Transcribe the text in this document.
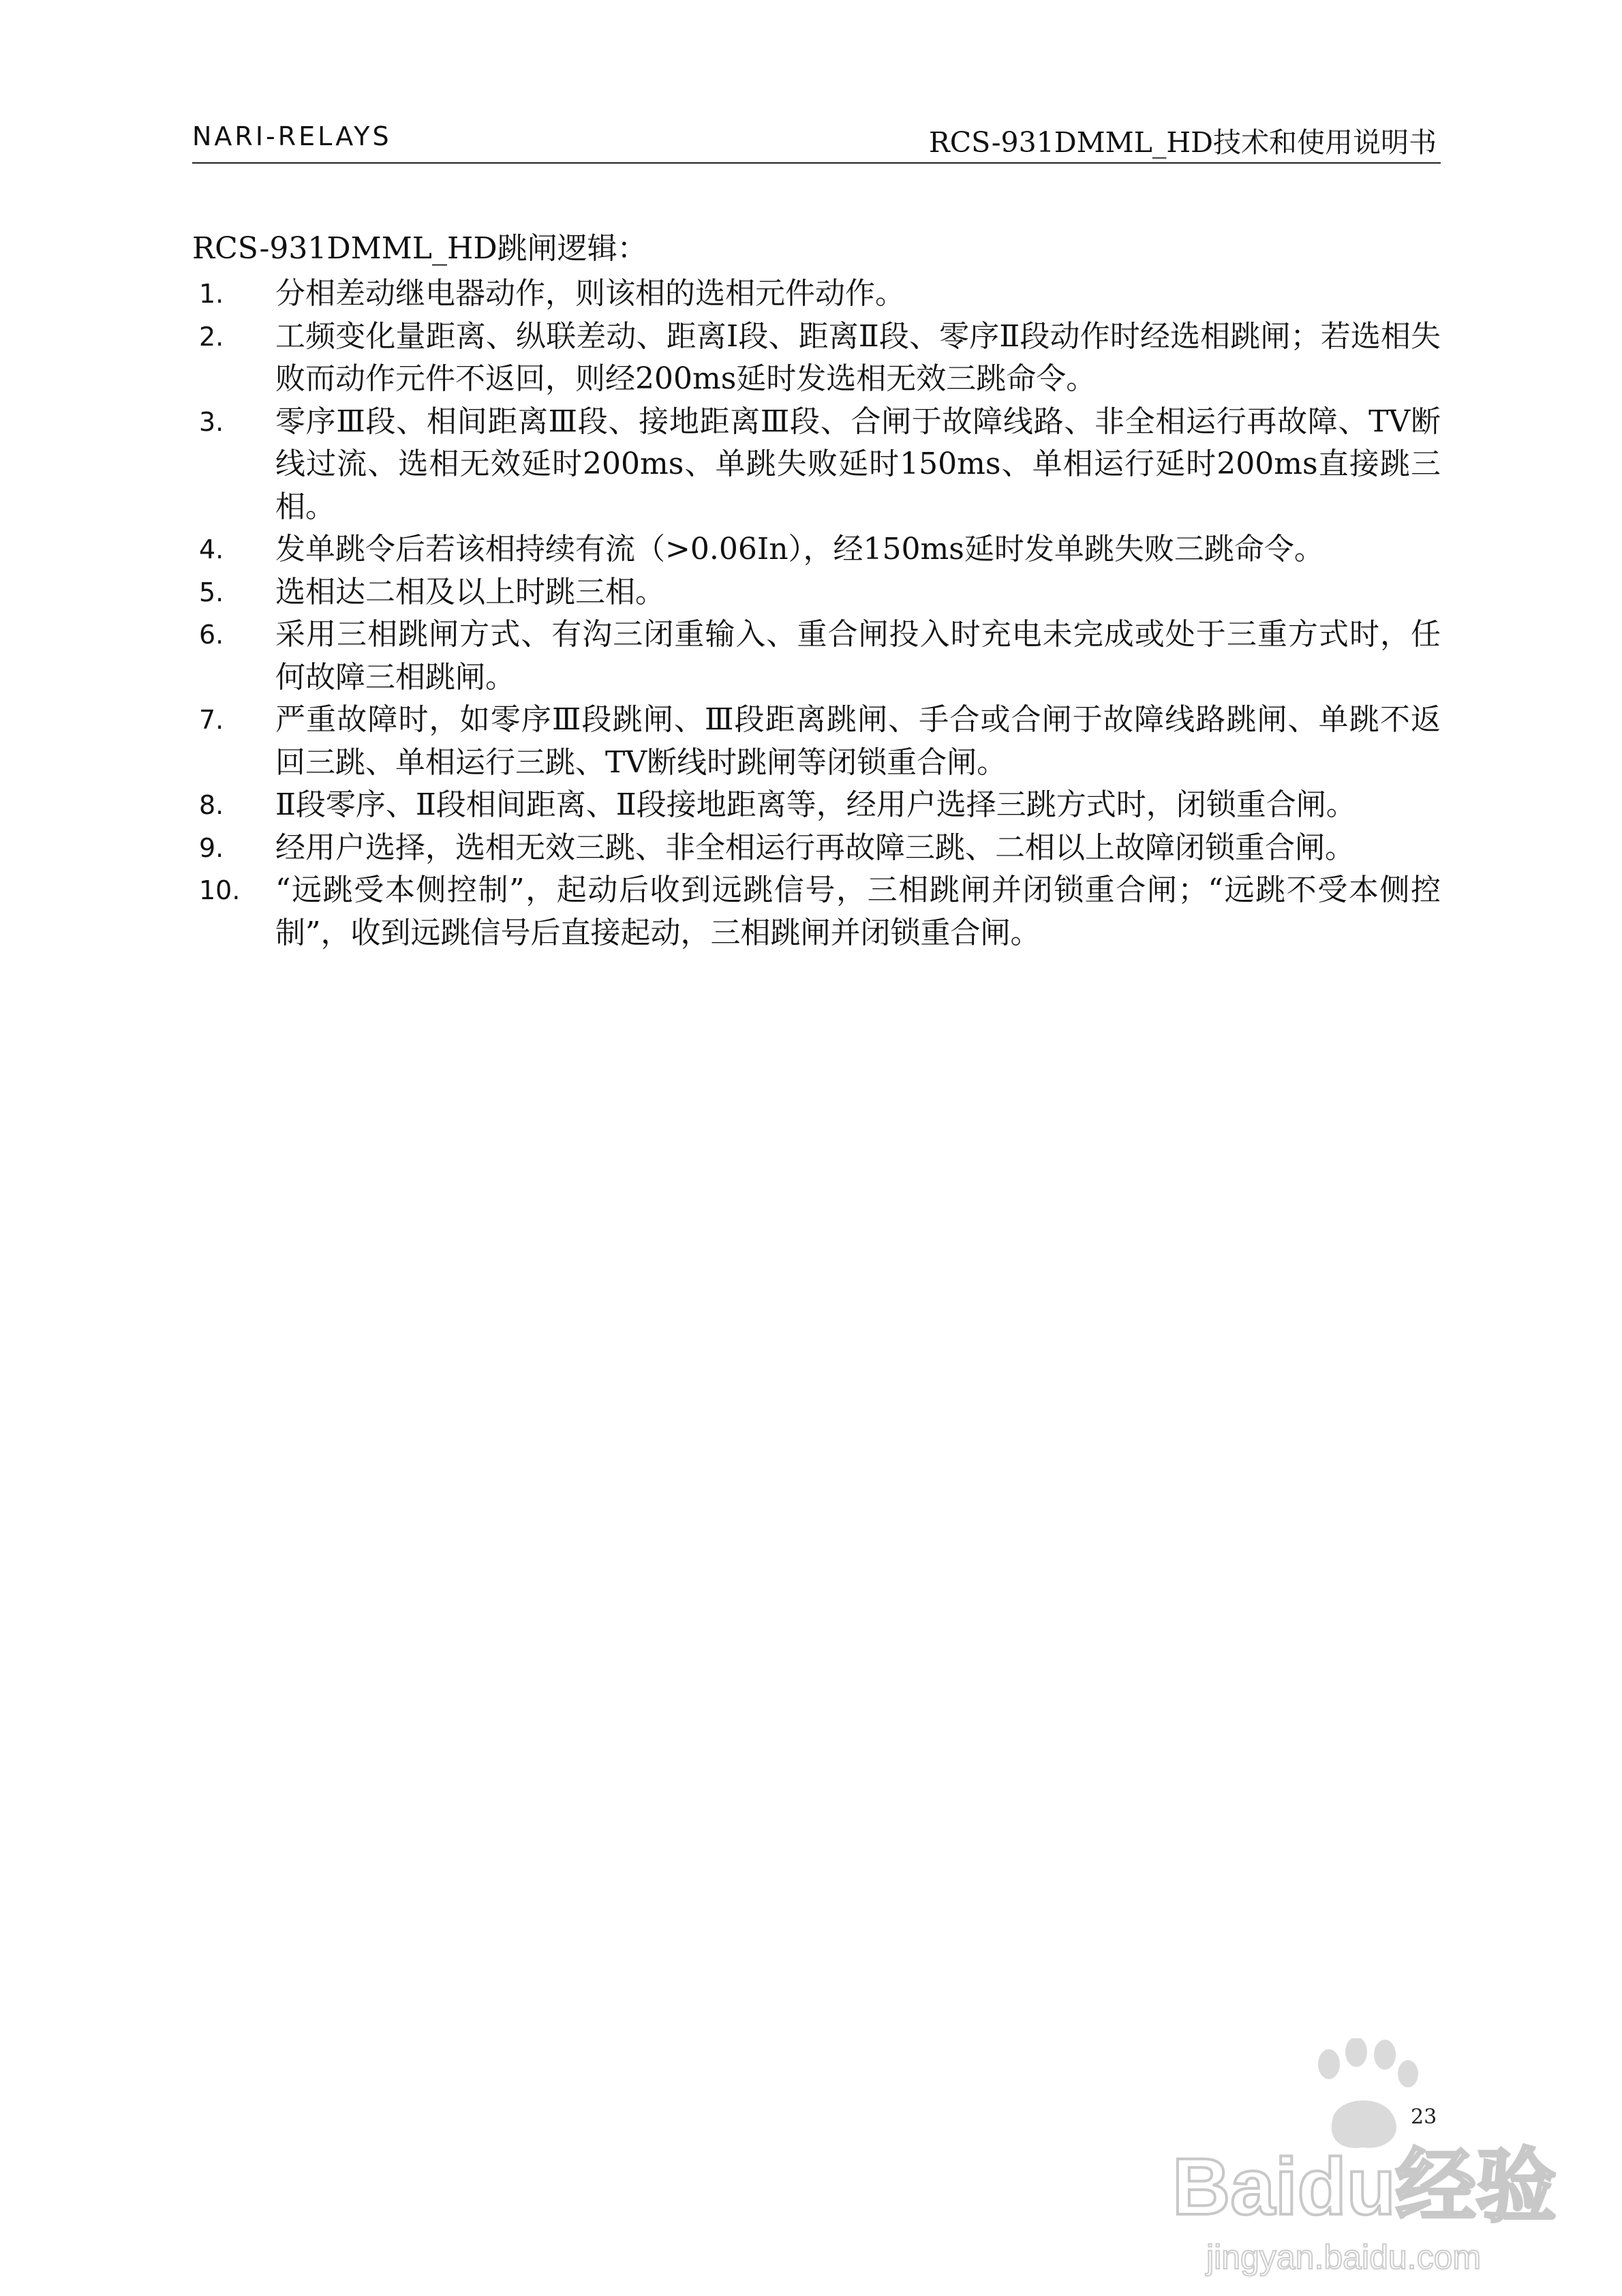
NARI-RELAYS	RCS-931DMML_HD技术和使用说明书
RCS-931DMML_HD跳闸逻辑：
1.	分相差动继电器动作，则该相的选相元件动作。
2.	工频变化量距离、纵联差动、距离Ⅰ段、距离Ⅱ段、零序Ⅱ段动作时经选相跳闸；若选相失败而动作元件不返回，则经200ms延时发选相无效三跳命令。
3.	零序Ⅲ段、相间距离Ⅲ段、接地距离Ⅲ段、合闸于故障线路、非全相运行再故障、TV断线过流、选相无效延时200ms、单跳失败延时150ms、单相运行延时200ms直接跳三相。
4.	发单跳令后若该相持续有流（>0.06In），经150ms延时发单跳失败三跳命令。
5.	选相达二相及以上时跳三相。
6.	采用三相跳闸方式、有沟三闭重输入、重合闸投入时充电未完成或处于三重方式时，任何故障三相跳闸。
7.	严重故障时，如零序Ⅲ段跳闸、Ⅲ段距离跳闸、手合或合闸于故障线路跳闸、单跳不返回三跳、单相运行三跳、TV断线时跳闸等闭锁重合闸。
8.	Ⅱ段零序、Ⅱ段相间距离、Ⅱ段接地距离等，经用户选择三跳方式时，闭锁重合闸。
9.	经用户选择，选相无效三跳、非全相运行再故障三跳、二相以上故障闭锁重合闸。
10.	“远跳受本侧控制”，起动后收到远跳信号，三相跳闸并闭锁重合闸；“远跳不受本侧控制”，收到远跳信号后直接起动，三相跳闸并闭锁重合闸。
23
Baidu经验
jingyan.baidu.com
